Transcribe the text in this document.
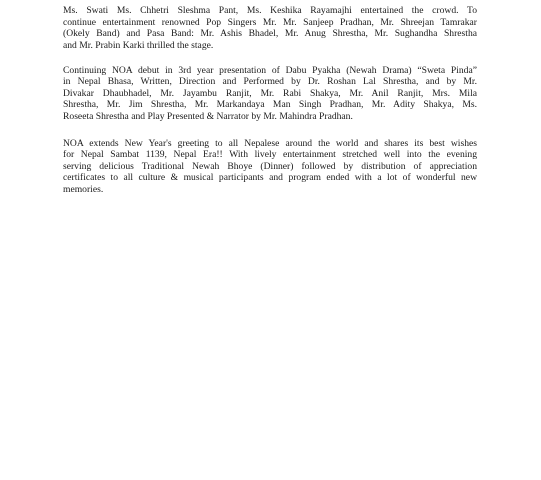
Ms. Swati Ms. Chhetri Sleshma Pant, Ms. Keshika Rayamajhi entertained the crowd. To
continue entertainment renowned Pop Singers Mr. Mr. Sanjeep Pradhan, Mr. Shreejan Tamrakar
(Okely Band) and Pasa Band: Mr. Ashis Bhadel, Mr. Anug Shrestha, Mr. Sughandha Shrestha
and Mr. Prabin Karki thrilled the stage.
Continuing NOA debut in 3rd year presentation of Dabu Pyakha (Newah Drama) “Sweta Pinda”
in Nepal Bhasa, Written, Direction and Performed by Dr. Roshan Lal Shrestha, and by Mr.
Divakar Dhaubhadel, Mr. Jayambu Ranjit, Mr. Rabi Shakya, Mr. Anil Ranjit, Mrs. Mila
Shrestha, Mr. Jim Shrestha, Mr. Markandaya Man Singh Pradhan, Mr. Adity Shakya, Ms.
Roseeta Shrestha and Play Presented & Narrator by Mr. Mahindra Pradhan.
NOA extends New Year's greeting to all Nepalese around the world and shares its best wishes
for Nepal Sambat 1139, Nepal Era!! With lively entertainment stretched well into the evening
serving delicious Traditional Newah Bhoye (Dinner) followed by distribution of appreciation
certificates to all culture & musical participants and program ended with a lot of wonderful new
memories.
